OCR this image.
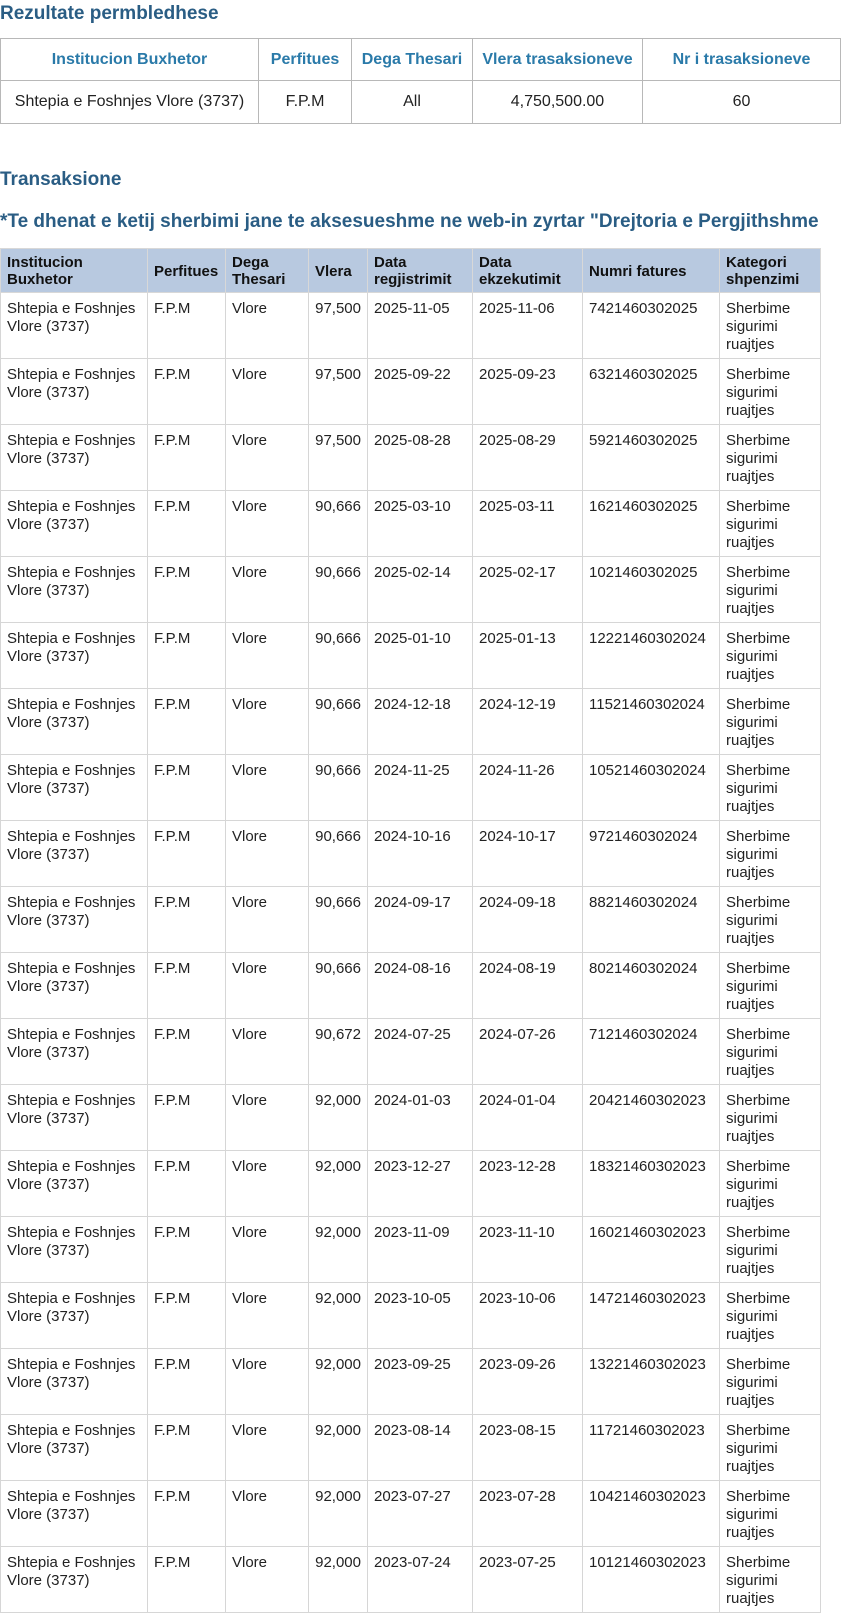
Rezultate permbledhese
Institucion Buxhetor	Perfitues	Dega Thesari	Vlera trasaksioneve	Nr i trasaksioneve
Shtepia e Foshnjes Vlore (3737)	F.P.M	All	4,750,500.00	60
Transaksione

*Te dhenat e ketij sherbimi jane te aksesueshme ne web-in zyrtar "Drejtoria e Pergjithshme

Institucion Buxhetor	Perfitues	Dega Thesari	Vlera	Data regjistrimit	Data ekzekutimit	Numri fatures	Kategori shpenzimi
Shtepia e Foshnjes Vlore (3737)	F.P.M	Vlore	97,500	2025-11-05	2025-11-06	7421460302025	Sherbime sigurimi ruajtjes
Shtepia e Foshnjes Vlore (3737)	F.P.M	Vlore	97,500	2025-09-22	2025-09-23	6321460302025	Sherbime sigurimi ruajtjes
Shtepia e Foshnjes Vlore (3737)	F.P.M	Vlore	97,500	2025-08-28	2025-08-29	5921460302025	Sherbime sigurimi ruajtjes
Shtepia e Foshnjes Vlore (3737)	F.P.M	Vlore	90,666	2025-03-10	2025-03-11	1621460302025	Sherbime sigurimi ruajtjes
Shtepia e Foshnjes Vlore (3737)	F.P.M	Vlore	90,666	2025-02-14	2025-02-17	1021460302025	Sherbime sigurimi ruajtjes
Shtepia e Foshnjes Vlore (3737)	F.P.M	Vlore	90,666	2025-01-10	2025-01-13	12221460302024	Sherbime sigurimi ruajtjes
Shtepia e Foshnjes Vlore (3737)	F.P.M	Vlore	90,666	2024-12-18	2024-12-19	11521460302024	Sherbime sigurimi ruajtjes
Shtepia e Foshnjes Vlore (3737)	F.P.M	Vlore	90,666	2024-11-25	2024-11-26	10521460302024	Sherbime sigurimi ruajtjes
Shtepia e Foshnjes Vlore (3737)	F.P.M	Vlore	90,666	2024-10-16	2024-10-17	9721460302024	Sherbime sigurimi ruajtjes
Shtepia e Foshnjes Vlore (3737)	F.P.M	Vlore	90,666	2024-09-17	2024-09-18	8821460302024	Sherbime sigurimi ruajtjes
Shtepia e Foshnjes Vlore (3737)	F.P.M	Vlore	90,666	2024-08-16	2024-08-19	8021460302024	Sherbime sigurimi ruajtjes
Shtepia e Foshnjes Vlore (3737)	F.P.M	Vlore	90,672	2024-07-25	2024-07-26	7121460302024	Sherbime sigurimi ruajtjes
Shtepia e Foshnjes Vlore (3737)	F.P.M	Vlore	92,000	2024-01-03	2024-01-04	20421460302023	Sherbime sigurimi ruajtjes
Shtepia e Foshnjes Vlore (3737)	F.P.M	Vlore	92,000	2023-12-27	2023-12-28	18321460302023	Sherbime sigurimi ruajtjes
Shtepia e Foshnjes Vlore (3737)	F.P.M	Vlore	92,000	2023-11-09	2023-11-10	16021460302023	Sherbime sigurimi ruajtjes
Shtepia e Foshnjes Vlore (3737)	F.P.M	Vlore	92,000	2023-10-05	2023-10-06	14721460302023	Sherbime sigurimi ruajtjes
Shtepia e Foshnjes Vlore (3737)	F.P.M	Vlore	92,000	2023-09-25	2023-09-26	13221460302023	Sherbime sigurimi ruajtjes
Shtepia e Foshnjes Vlore (3737)	F.P.M	Vlore	92,000	2023-08-14	2023-08-15	11721460302023	Sherbime sigurimi ruajtjes
Shtepia e Foshnjes Vlore (3737)	F.P.M	Vlore	92,000	2023-07-27	2023-07-28	10421460302023	Sherbime sigurimi ruajtjes
Shtepia e Foshnjes Vlore (3737)	F.P.M	Vlore	92,000	2023-07-24	2023-07-25	10121460302023	Sherbime sigurimi ruajtjes
